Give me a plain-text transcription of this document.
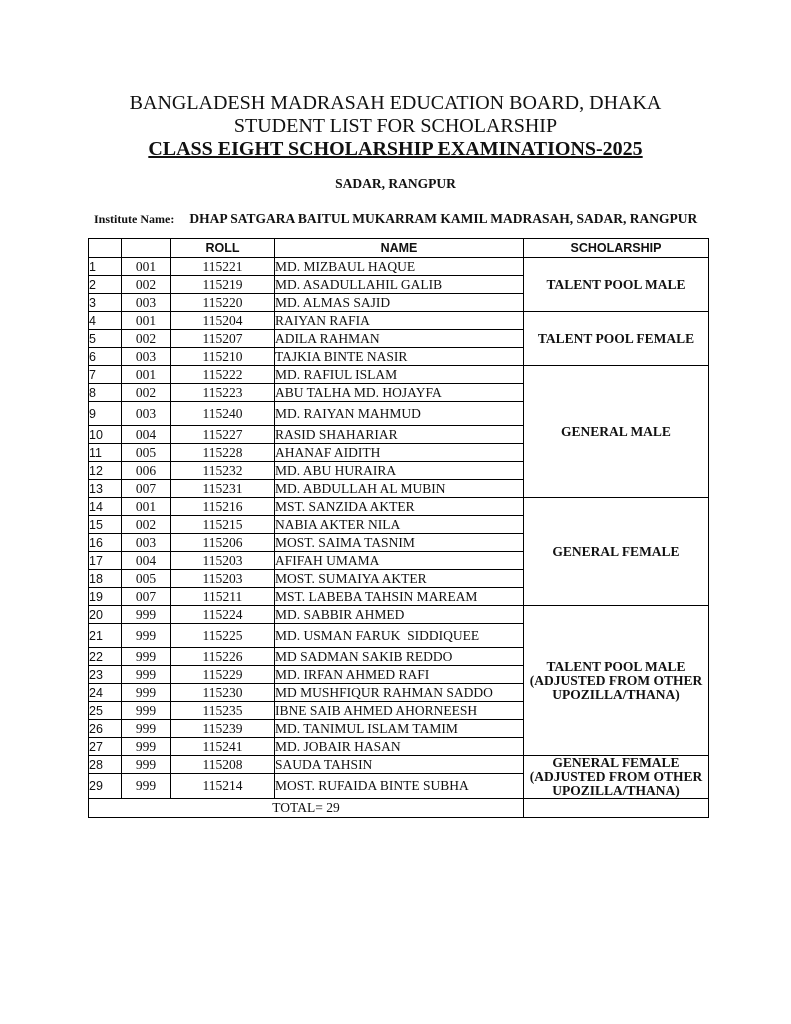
BANGLADESH MADRASAH EDUCATION BOARD, DHAKA
STUDENT LIST FOR SCHOLARSHIP
CLASS EIGHT SCHOLARSHIP EXAMINATIONS-2025
SADAR, RANGPUR
Institute Name: DHAP SATGARA BAITUL MUKARRAM KAMIL MADRASAH, SADAR, RANGPUR
		ROLL	NAME	SCHOLARSHIP
1	001	115221	MD. MIZBAUL HAQUE	TALENT POOL MALE

2	002	115219	MD. ASADULLAHIL GALIB	
3	003	115220	MD. ALMAS SAJID	
4	001	115204	RAIYAN RAFIA	TALENT POOL FEMALE

5	002	115207	ADILA RAHMAN	
6	003	115210	TAJKIA BINTE NASIR	
7	001	115222	MD. RAFIUL ISLAM	GENERAL MALE

8	002	115223	ABU TALHA MD. HOJAYFA	
9	003	115240	MD. RAIYAN MAHMUD	
10	004	115227	RASID SHAHARIAR	
11	005	115228	AHANAF AIDITH	
12	006	115232	MD. ABU HURAIRA	
13	007	115231	MD. ABDULLAH AL MUBIN	
14	001	115216	MST. SANZIDA AKTER	GENERAL FEMALE

15	002	115215	NABIA AKTER NILA	
16	003	115206	MOST. SAIMA TASNIM	
17	004	115203	AFIFAH UMAMA	
18	005	115203	MOST. SUMAIYA AKTER	
19	007	115211	MST. LABEBA TAHSIN MAREAM	
20	999	115224	MD. SABBIR AHMED	TALENT POOL MALE
(ADJUSTED FROM OTHER
UPOZILLA/THANA)

21	999	115225	MD. USMAN FARUK  SIDDIQUEE	
22	999	115226	MD SADMAN SAKIB REDDO	
23	999	115229	MD. IRFAN AHMED RAFI	
24	999	115230	MD MUSHFIQUR RAHMAN SADDO	
25	999	115235	IBNE SAIB AHMED AHORNEESH	
26	999	115239	MD. TANIMUL ISLAM TAMIM	
27	999	115241	MD. JOBAIR HASAN	
28	999	115208	SAUDA TAHSIN	GENERAL FEMALE
(ADJUSTED FROM OTHER
UPOZILLA/THANA)

29	999	115214	MOST. RUFAIDA BINTE SUBHA	
TOTAL= 29				
